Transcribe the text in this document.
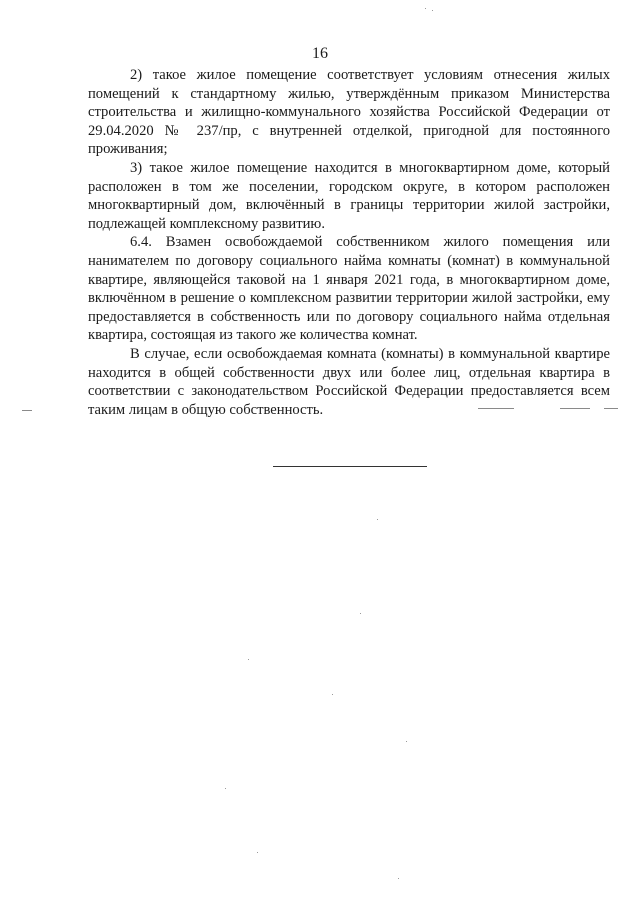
16

2) такое жилое помещение соответствует условиям отнесения жилых помещений к стандартному жилью, утверждённым приказом Министерства строительства и жилищно-коммунального хозяйства Российской Федерации от 29.04.2020 № 237/пр, с внутренней отделкой, пригодной для постоянного проживания;

3) такое жилое помещение находится в многоквартирном доме, который расположен в том же поселении, городском округе, в котором расположен многоквартирный дом, включённый в границы территории жилой застройки, подлежащей комплексному развитию.

6.4. Взамен освобождаемой собственником жилого помещения или нанимателем по договору социального найма комнаты (комнат) в коммунальной квартире, являющейся таковой на 1 января 2021 года, в многоквартирном доме, включённом в решение о комплексном развитии территории жилой застройки, ему предоставляется в собственность или по договору социального найма отдельная квартира, состоящая из такого же количества комнат.

В случае, если освобождаемая комната (комнаты) в коммунальной квартире находится в общей собственности двух или более лиц, отдельная квартира в соответствии с законодательством Российской Федерации предоставляется всем таким лицам в общую собственность.
